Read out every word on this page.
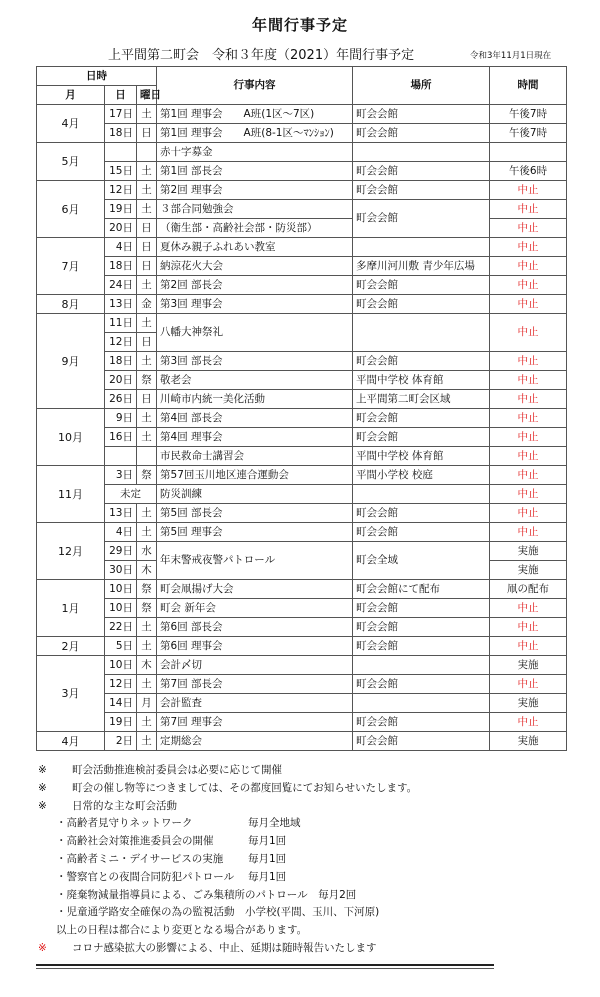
年間行事予定
上平間第二町会　令和３年度（2021）年間行事予定	令和3年11月1日現在
日時			行事内容	場所	時間
月	日	曜日			
4月	17日	土	第1回 理事会　　A班(1区〜7区)	町会会館	午後7時
	18日	日	第1回 理事会　　A班(8-1区〜ﾏﾝｼｮﾝ)	町会会館	午後7時
5月			赤十字募金		
	15日	土	第1回 部長会	町会会館	午後6時
6月	12日	土	第2回 理事会	町会会館	中止
	19日	土	３部合同勉強会	町会会館	中止
	20日	日	（衛生部・高齢社会部・防災部）		中止
7月	4日	日	夏休み親子ふれあい教室		中止
	18日	日	納涼花火大会	多摩川河川敷 青少年広場	中止
	24日	土	第2回 部長会	町会会館	中止
8月	13日	金	第3回 理事会	町会会館	中止
9月	11日	土	八幡大神祭礼		中止
	12日	日			
	18日	土	第3回 部長会	町会会館	中止
	20日	祭	敬老会	平間中学校 体育館	中止
	26日	日	川崎市内統一美化活動	上平間第二町会区域	中止
10月	9日	土	第4回 部長会	町会会館	中止
	16日	土	第4回 理事会	町会会館	中止
			市民救命士講習会	平間中学校 体育館	中止
11月	3日	祭	第57回玉川地区連合運動会	平間小学校 校庭	中止
	未定		防災訓練		中止
	13日	土	第5回 部長会	町会会館	中止
12月	4日	土	第5回 理事会	町会会館	中止
	29日	水	年末警戒夜警パトロール	町会全域	実施
	30日	木			実施
1月	10日	祭	町会凧揚げ大会	町会会館にて配布	凧の配布
	10日	祭	町会 新年会	町会会館	中止
	22日	土	第6回 部長会	町会会館	中止
2月	5日	土	第6回 理事会	町会会館	中止
3月	10日	木	会計〆切		実施
	12日	土	第7回 部長会	町会会館	中止
	14日	月	会計監査		実施
	19日	土	第7回 理事会	町会会館	中止
4月	2日	土	定期総会	町会会館	実施
※ 町会活動推進検討委員会は必要に応じて開催
※ 町会の催し物等につきましては、その都度回覧にてお知らせいたします。
※ 日常的な主な町会活動
・高齢者見守りネットワーク	毎月全地域
・高齢社会対策推進委員会の開催	毎月1回
・高齢者ミニ・デイサービスの実施 毎月1回
・警察官との夜間合同防犯パトロール 毎月1回
・廃棄物減量指導員による、ごみ集積所のパトロール　 毎月2回
・児童通学路安全確保の為の監視活動　 小学校(平間、玉川、下河原)
以上の日程は都合により変更となる場合があります。
※ コロナ感染拡大の影響による、中止、延期は随時報告いたします
